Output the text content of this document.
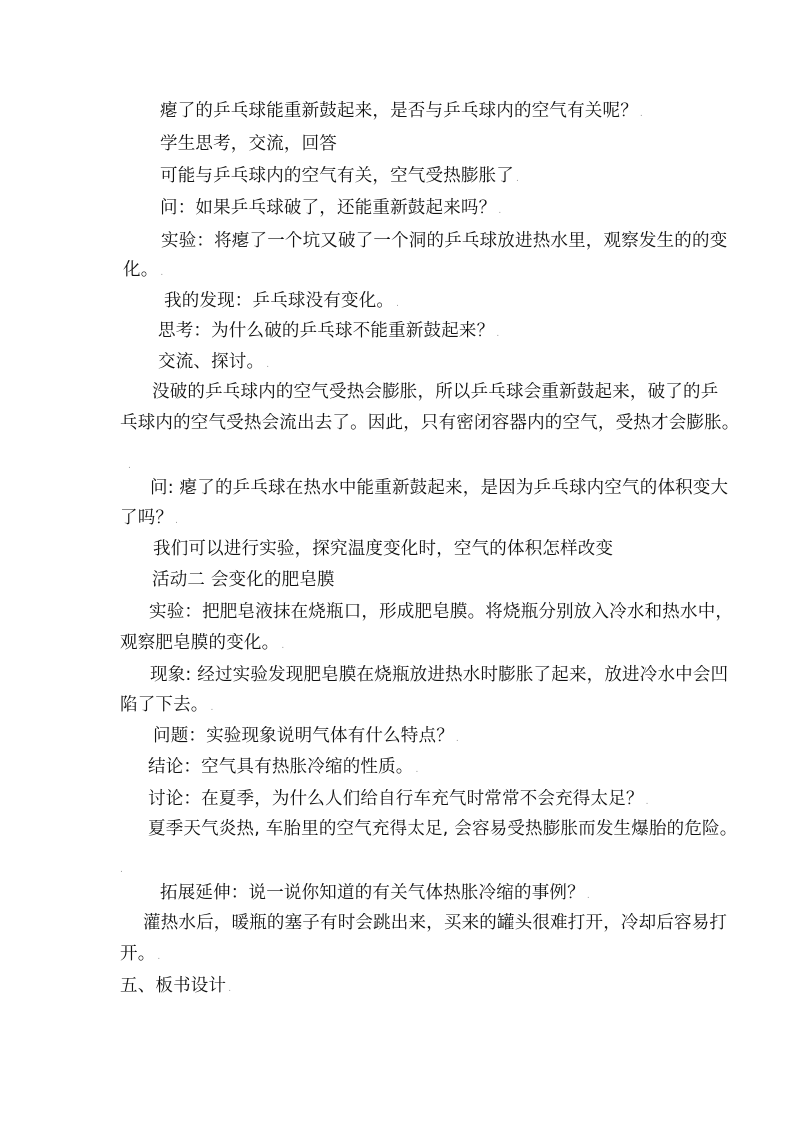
瘪了的乒乓球能重新鼓起来，是否与乒乓球内的空气有关呢？ .
学生思考，交流，回答
可能与乒乓球内的空气有关，空气受热膨胀了 .
问：如果乒乓球破了，还能重新鼓起来吗？ .
实验：将瘪了一个坑又破了一个洞的乒乓球放进热水里，观察发生的的变
化。 .
我的发现：乒乓球没有变化。 .
思考：为什么破的乒乓球不能重新鼓起来？ .
交流、探讨。 .
没破的乒乓球内的空气受热会膨胀，所以乒乓球会重新鼓起来，破了的乒
乓球内的空气受热会流出去了。因此，只有密闭容器内的空气，受热才会膨胀。
.
问: 瘪了的乒乓球在热水中能重新鼓起来，是因为乒乓球内空气的体积变大
了吗？ .
我们可以进行实验，探究温度变化时，空气的体积怎样改变
活动二 会变化的肥皂膜
实验：把肥皂液抹在烧瓶口，形成肥皂膜。将烧瓶分别放入冷水和热水中，
观察肥皂膜的变化。 .
现象: 经过实验发现肥皂膜在烧瓶放进热水时膨胀了起来，放进冷水中会凹
陷了下去。 .
问题：实验现象说明气体有什么特点？ .
结论：空气具有热胀冷缩的性质。 .
讨论：在夏季，为什么人们给自行车充气时常常不会充得太足？ .
夏季天气炎热, 车胎里的空气充得太足, 会容易受热膨胀而发生爆胎的危险。
.
拓展延伸：说一说你知道的有关气体热胀冷缩的事例？ .
灌热水后，暖瓶的塞子有时会跳出来，买来的罐头很难打开，冷却后容易打
开。 .
五、板书设计 .
